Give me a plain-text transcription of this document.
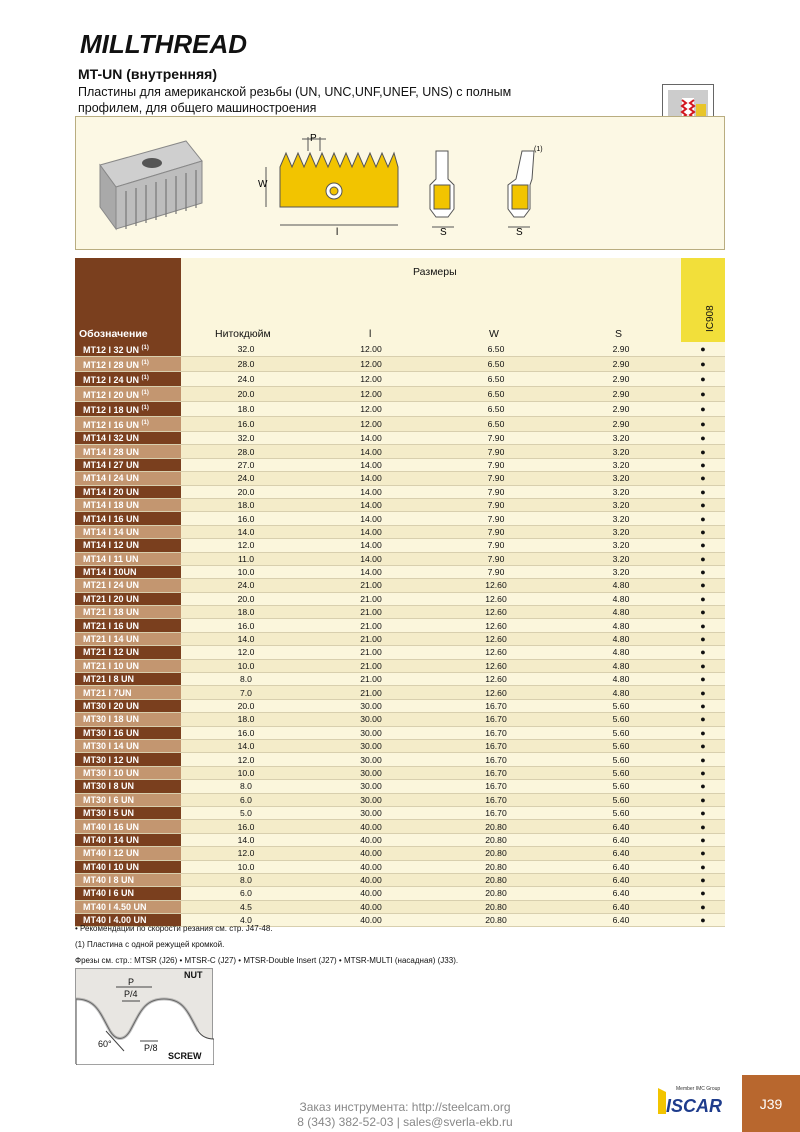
MILLTHREAD
MT-UN (внутренняя)
Пластины для американской резьбы (UN, UNC,UNF,UNEF, UNS) с полным
профилем, для общего машиностроения
P
W
l	S	S
(1)
Обозначение
Размеры
Нитокдюйм	l	W	S
IC908
MT12 I 32 UN $^{(1)}$	32.0	12.00	6.50	2.90	●
MT12 I 28 UN $^{(1)}$	28.0	12.00	6.50	2.90	●
MT12 I 24 UN $^{(1)}$	24.0	12.00	6.50	2.90	●
MT12 I 20 UN $^{(1)}$	20.0	12.00	6.50	2.90	●
MT12 I 18 UN $^{(1)}$	18.0	12.00	6.50	2.90	●
MT12 I 16 UN $^{(1)}$	16.0	12.00	6.50	2.90	●
MT14 I 32 UN	32.0	14.00	7.90	3.20	●
MT14 I 28 UN	28.0	14.00	7.90	3.20	●
MT14 I 27 UN	27.0	14.00	7.90	3.20	●
MT14 I 24 UN	24.0	14.00	7.90	3.20	●
MT14 I 20 UN	20.0	14.00	7.90	3.20	●
MT14 I 18 UN	18.0	14.00	7.90	3.20	●
MT14 I 16 UN	16.0	14.00	7.90	3.20	●
MT14 I 14 UN	14.0	14.00	7.90	3.20	●
MT14 I 12 UN	12.0	14.00	7.90	3.20	●
MT14 I 11 UN	11.0	14.00	7.90	3.20	●
MT14 I 10UN	10.0	14.00	7.90	3.20	●
MT21 I 24 UN	24.0	21.00	12.60	4.80	●
MT21 I 20 UN	20.0	21.00	12.60	4.80	●
MT21 I 18 UN	18.0	21.00	12.60	4.80	●
MT21 I 16 UN	16.0	21.00	12.60	4.80	●
MT21 I 14 UN	14.0	21.00	12.60	4.80	●
MT21 I 12 UN	12.0	21.00	12.60	4.80	●
MT21 I 10 UN	10.0	21.00	12.60	4.80	●
MT21 I 8 UN	8.0	21.00	12.60	4.80	●
MT21 I 7UN	7.0	21.00	12.60	4.80	●
MT30 I 20 UN	20.0	30.00	16.70	5.60	●
MT30 I 18 UN	18.0	30.00	16.70	5.60	●
MT30 I 16 UN	16.0	30.00	16.70	5.60	●
MT30 I 14 UN	14.0	30.00	16.70	5.60	●
MT30 I 12 UN	12.0	30.00	16.70	5.60	●
MT30 I 10 UN	10.0	30.00	16.70	5.60	●
MT30 I 8 UN	8.0	30.00	16.70	5.60	●
MT30 I 6 UN	6.0	30.00	16.70	5.60	●
MT30 I 5 UN	5.0	30.00	16.70	5.60	●
MT40 I 16 UN	16.0	40.00	20.80	6.40	●
MT40 I 14 UN	14.0	40.00	20.80	6.40	●
MT40 I 12 UN	12.0	40.00	20.80	6.40	●
MT40 I 10 UN	10.0	40.00	20.80	6.40	●
MT40 I 8 UN	8.0	40.00	20.80	6.40	●
MT40 I 6 UN	6.0	40.00	20.80	6.40	●
MT40 I 4.50 UN	4.5	40.00	20.80	6.40	●
MT40 I 4.00 UN	4.0	40.00	20.80	6.40	●
• Рекомендации по скорости резания см. стр. J47-48.
(1) Пластина с одной режущей кромкой.
Фрезы см. стр.: MTSR (J26) • MTSR-C (J27) • MTSR-Double Insert (J27) • MTSR-MULTI (насадная) (J33).
NUT
SCREW
P
P/4
P/8
60°
Заказ инструмента: http://steelcam.org
8 (343) 382-52-03 | sales@sverla-ekb.ru
Member IMC Group
ISCAR	J39
